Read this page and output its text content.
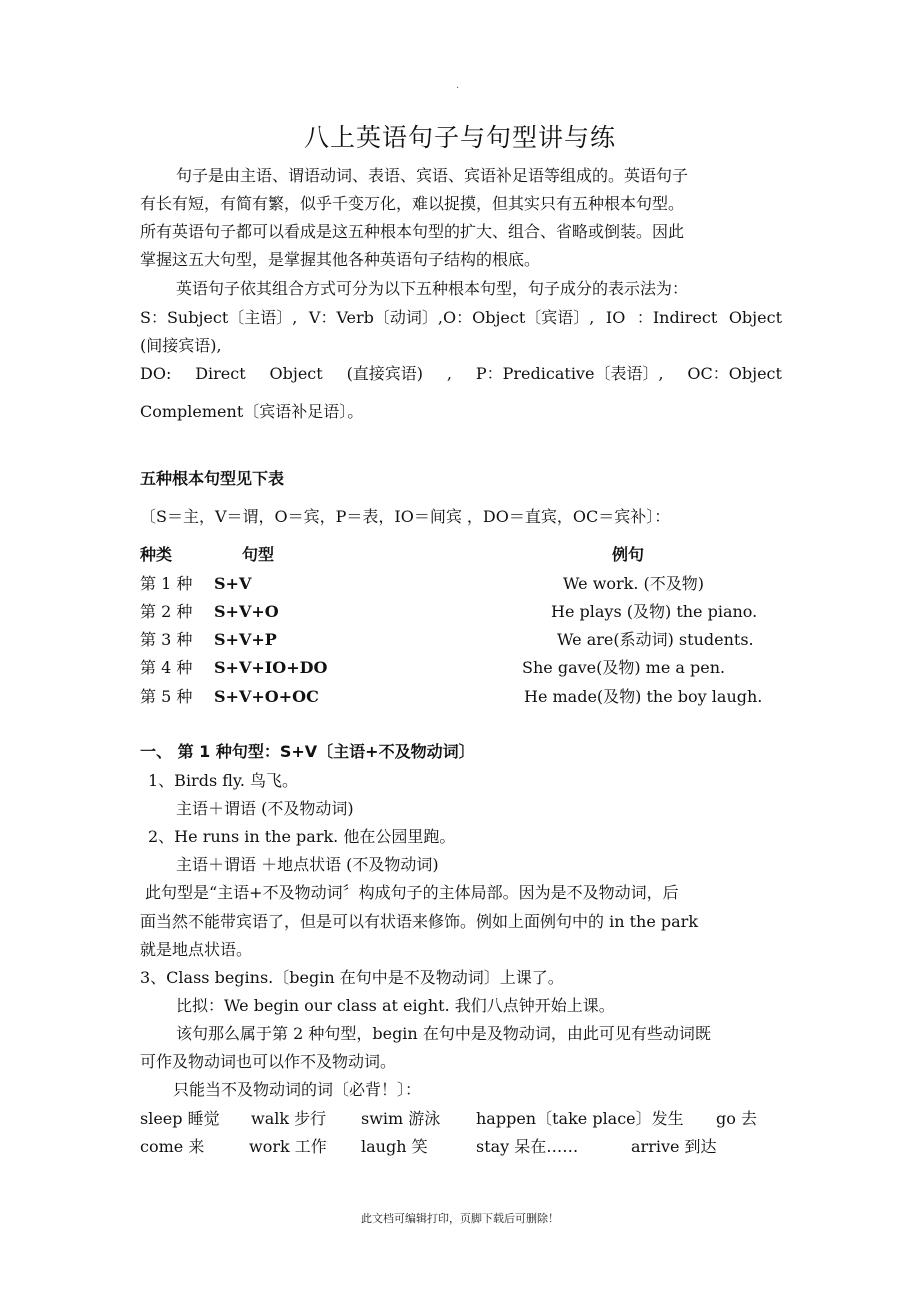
.
八上英语句子与句型讲与练
句子是由主语、谓语动词、表语、宾语、宾语补足语等组成的。英语句子
有长有短，有简有繁，似乎千变万化，难以捉摸，但其实只有五种根本句型。
所有英语句子都可以看成是这五种根本句型的扩大、组合、省略或倒装。因此
掌握这五大句型，是掌握其他各种英语句子结构的根底。
英语句子依其组合方式可分为以下五种根本句型，句子成分的表示法为：
S：Subject〔主语〕, V：Verb〔动词〕,O：Object〔宾语〕, IO ：Indirect Object
(间接宾语),
DO: Direct Object (直接宾语) , P：Predicative〔表语〕, OC：Object
Complement〔宾语补足语〕。
五种根本句型见下表
〔S＝主，V＝谓，O＝宾，P＝表，IO＝间宾 ，DO＝直宾，OC＝宾补〕：
种类	句型	例句
第 1 种 S+V	We work. (不及物)
第 2 种 S+V+O	He plays (及物) the piano.
第 3 种 S+V+P	We are(系动词) students.
第 4 种 S+V+IO+DO	She gave(及物) me a pen.
第 5 种 S+V+O+OC	He made(及物) the boy laugh.
一、 第 1 种句型：S+V〔主语+不及物动词〕
1、Birds fly. 鸟飞。
主语＋谓语 (不及物动词)
2、He runs in the park. 他在公园里跑。
主语＋谓语 ＋地点状语 (不及物动词)
此句型是“主语+不及物动词〞构成句子的主体局部。因为是不及物动词，后
面当然不能带宾语了，但是可以有状语来修饰。例如上面例句中的 in the park
就是地点状语。
3、Class begins.〔begin 在句中是不及物动词〕上课了。
比拟：We begin our class at eight. 我们八点钟开始上课。
该句那么属于第 2 种句型，begin 在句中是及物动词，由此可见有些动词既
可作及物动词也可以作不及物动词。
只能当不及物动词的词〔必背！〕：
sleep 睡觉 walk 步行 swim 游泳 happen〔take place〕发生 go 去
come 来	work 工作 laugh 笑	stay 呆在……	arrive 到达
此文档可编辑打印，页脚下载后可删除！
